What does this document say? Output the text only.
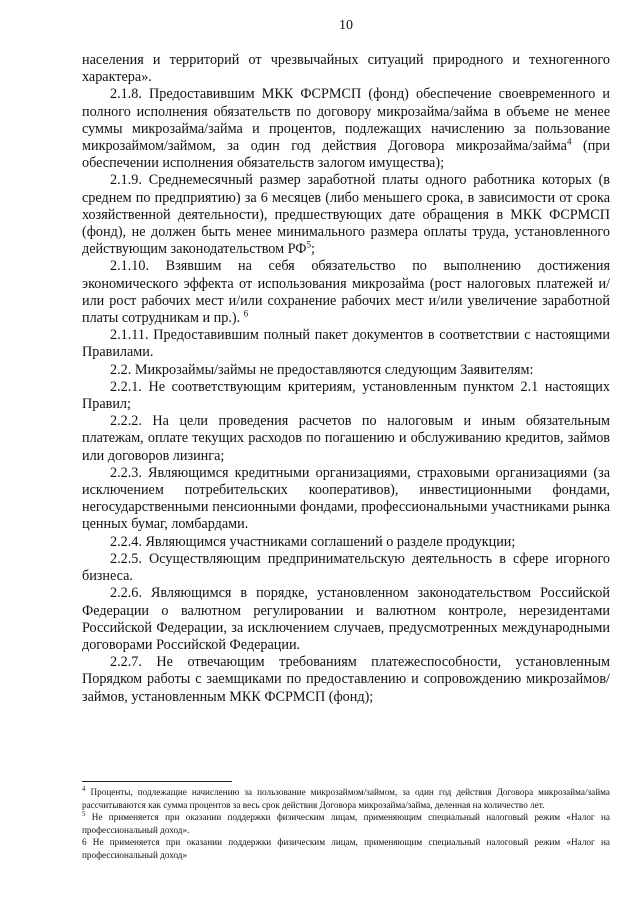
10

населения и территорий от чрезвычайных ситуаций природного и техногенного характера».

2.1.8. Предоставившим МКК ФСРМСП (фонд) обеспечение своевременного и полного исполнения обязательств по договору микрозайма/займа в объеме не менее суммы микрозайма/займа и процентов, подлежащих начислению за пользование микрозаймом/займом, за один год действия Договора микрозайма/займа$^4$ (при обеспечении исполнения обязательств залогом имущества);

2.1.9. Среднемесячный размер заработной платы одного работника которых (в среднем по предприятию) за 6 месяцев (либо меньшего срока, в зависимости от срока хозяйственной деятельности), предшествующих дате обращения в МКК ФСРМСП (фонд), не должен быть менее минимального размера оплаты труда, установленного действующим законодательством $РФ^5$;

2.1.10. Взявшим на себя обязательство по выполнению достижения экономического эффекта от использования микрозайма (рост налоговых платежей и/или рост рабочих мест и/или сохранение рабочих мест и/или увеличение заработной платы сотрудникам и пр.). $^6$

2.1.11. Предоставившим полный пакет документов в соответствии с настоящими Правилами.

2.2. Микрозаймы/займы не предоставляются следующим Заявителям:

2.2.1. Не соответствующим критериям, установленным пунктом 2.1 настоящих Правил;

2.2.2. На цели проведения расчетов по налоговым и иным обязательным платежам, оплате текущих расходов по погашению и обслуживанию кредитов, займов или договоров лизинга;

2.2.3. Являющимся кредитными организациями, страховыми организациями (за исключением потребительских кооперативов), инвестиционными фондами, негосударственными пенсионными фондами, профессиональными участниками рынка ценных бумаг, ломбардами.

2.2.4. Являющимся участниками соглашений о разделе продукции;

2.2.5. Осуществляющим предпринимательскую деятельность в сфере игорного бизнеса.

2.2.6. Являющимся в порядке, установленном законодательством Российской Федерации о валютном регулировании и валютном контроле, нерезидентами Российской Федерации, за исключением случаев, предусмотренных международными договорами Российской Федерации.

2.2.7. Не отвечающим требованиям платежеспособности, установленным Порядком работы с заемщиками по предоставлению и сопровождению микрозаймов/займов, установленным МКК ФСРМСП (фонд);

$^4$ Проценты, подлежащие начислению за пользование микрозаймом/займом, за один год действия Договора микрозайма/займа рассчитываются как сумма процентов за весь срок действия Договора микрозайма/займа, деленная на количество лет.

$^5$ Не применяется при оказании поддержки физическим лицам, применяющим специальный налоговый режим «Налог на профессиональный доход».

6 Не применяется при оказании поддержки физическим лицам, применяющим специальный налоговый режим «Налог на профессиональный доход»
